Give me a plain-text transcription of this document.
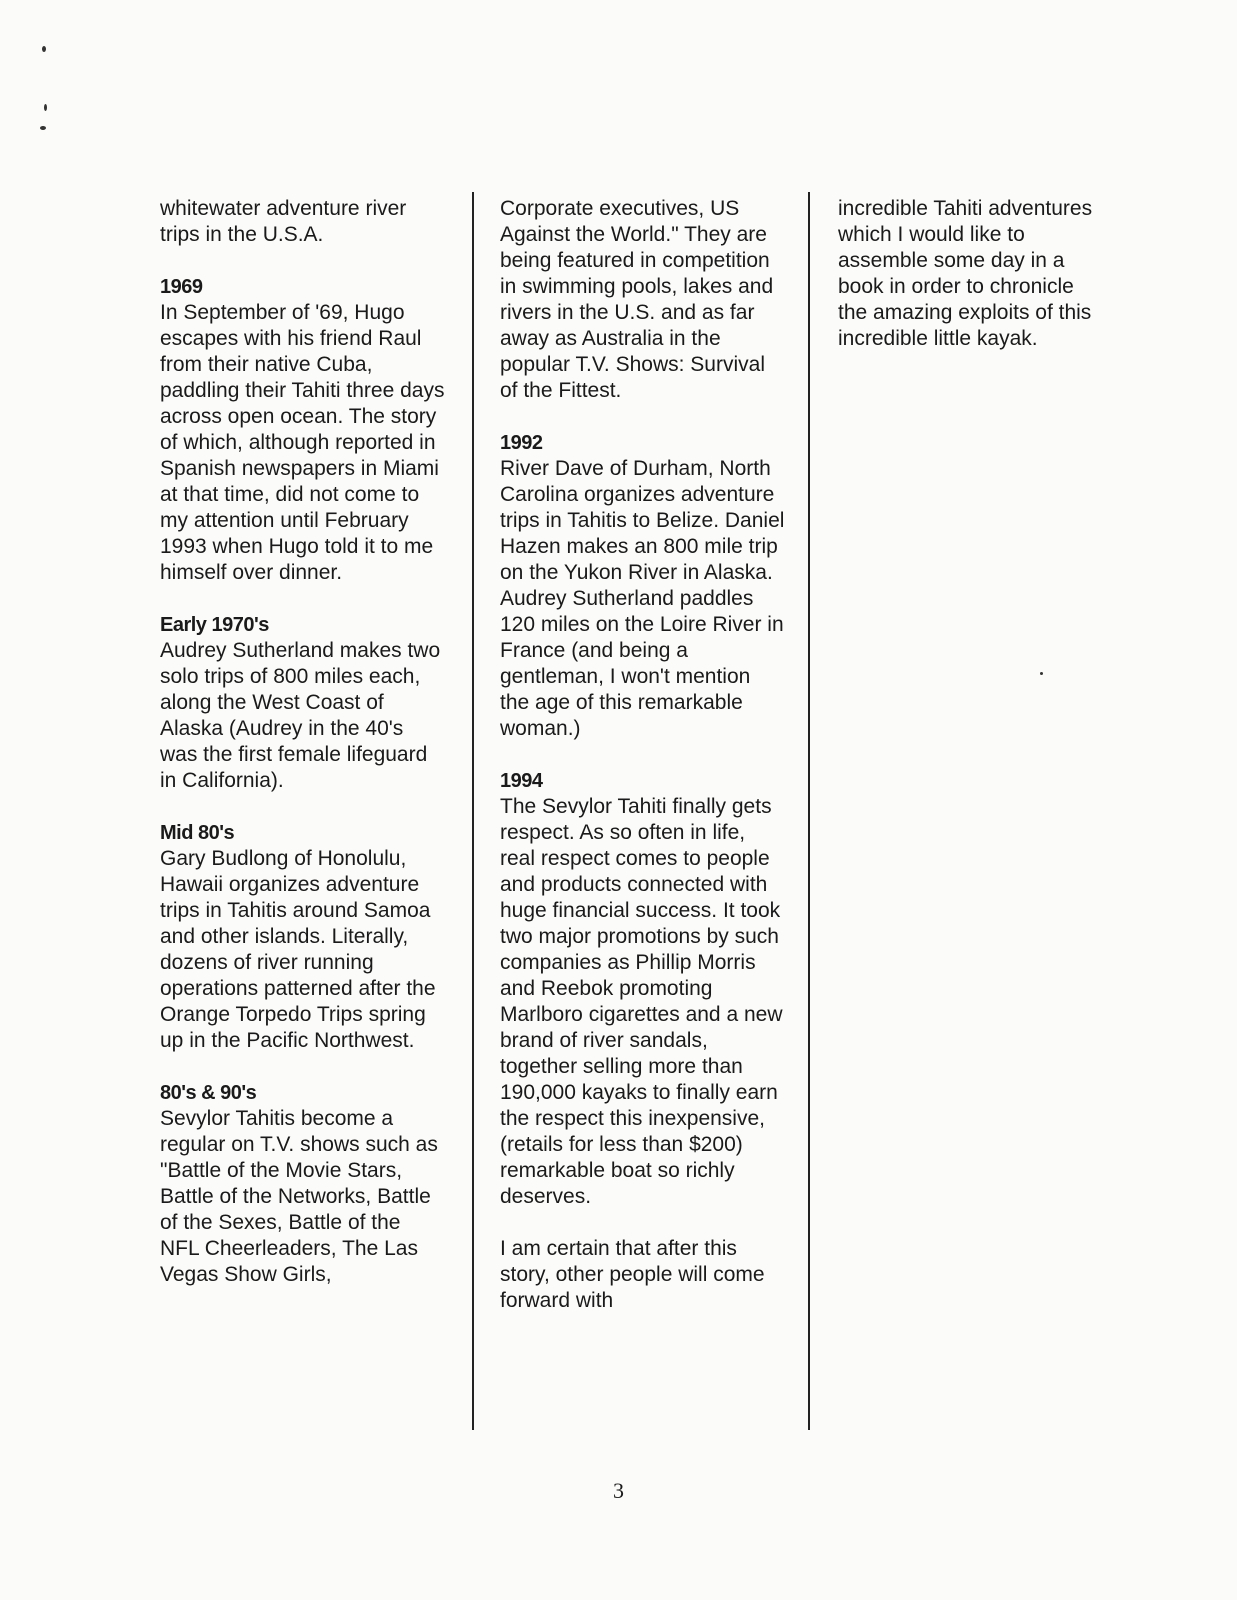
whitewater adventure river trips in the U.S.A.

1969
In September of '69, Hugo escapes with his friend Raul from their native Cuba, paddling their Tahiti three days across open ocean. The story of which, although reported in Spanish newspapers in Miami at that time, did not come to my attention until February 1993 when Hugo told it to me himself over dinner.

Early 1970's
Audrey Sutherland makes two solo trips of 800 miles each, along the West Coast of Alaska (Audrey in the 40's was the first female lifeguard in California).

Mid 80's
Gary Budlong of Honolulu, Hawaii organizes adventure trips in Tahitis around Samoa and other islands. Literally, dozens of river running operations patterned after the Orange Torpedo Trips spring up in the Pacific Northwest.

80's & 90's
Sevylor Tahitis become a regular on T.V. shows such as "Battle of the Movie Stars, Battle of the Networks, Battle of the Sexes, Battle of the NFL Cheerleaders, The Las Vegas Show Girls,

Corporate executives, US Against the World." They are being featured in competition in swimming pools, lakes and rivers in the U.S. and as far away as Australia in the popular T.V. Shows: Survival of the Fittest.

1992
River Dave of Durham, North Carolina organizes adventure trips in Tahitis to Belize. Daniel Hazen makes an 800 mile trip on the Yukon River in Alaska. Audrey Sutherland paddles 120 miles on the Loire River in France (and being a gentleman, I won't mention the age of this remarkable woman.)

1994
The Sevylor Tahiti finally gets respect. As so often in life, real respect comes to people and products connected with huge financial success. It took two major promotions by such companies as Phillip Morris and Reebok promoting Marlboro cigarettes and a new brand of river sandals, together selling more than 190,000 kayaks to finally earn the respect this inexpensive, (retails for less than $200) remarkable boat so richly deserves.

I am certain that after this story, other people will come forward with

incredible Tahiti adventures which I would like to assemble some day in a book in order to chronicle the amazing exploits of this incredible little kayak.

3
